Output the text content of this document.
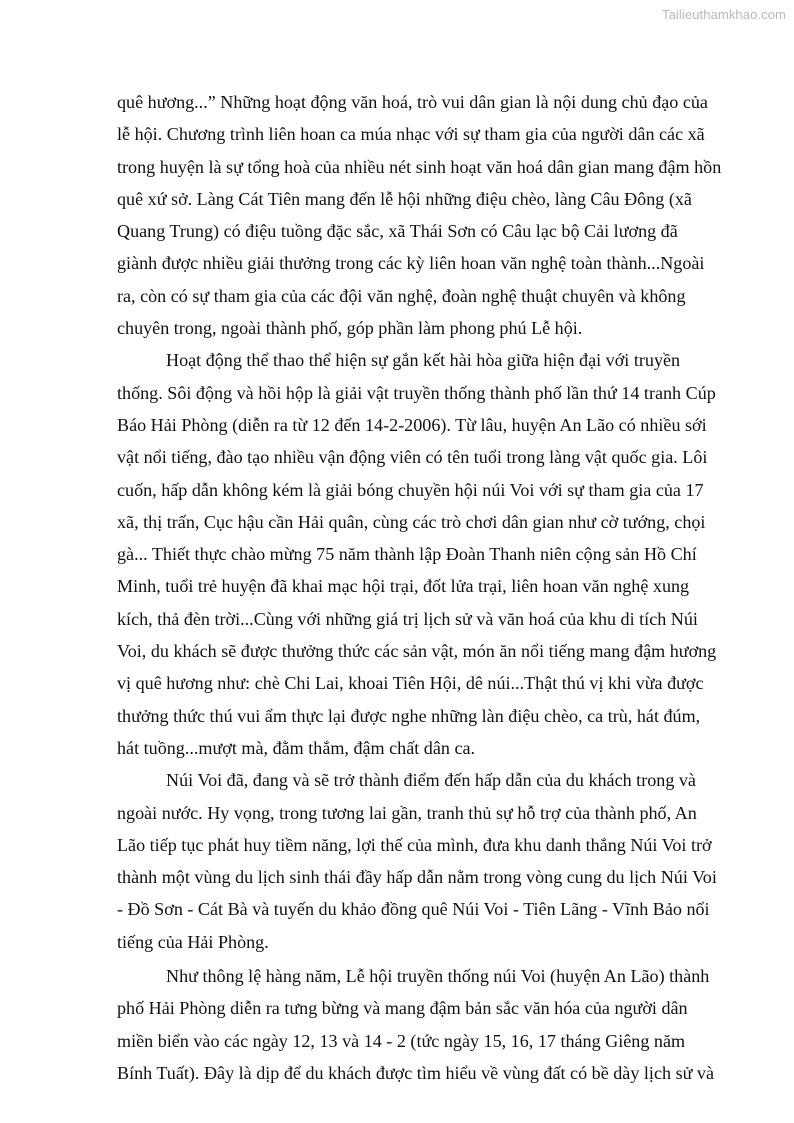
Tailieuthamkhao.com
quê hương...” Những hoạt động văn hoá, trò vui dân gian là nội dung chủ đạo của
lễ hội. Chương trình liên hoan ca múa nhạc với sự tham gia của người dân các xã
trong huyện là sự tổng hoà của nhiều nét sinh hoạt văn hoá dân gian mang đậm hồn
quê xứ sở. Làng Cát Tiên mang đến lễ hội những điệu chèo, làng Câu Đông (xã
Quang Trung) có điệu tuồng đặc sắc, xã Thái Sơn có Câu lạc bộ Cải lương đã
giành được nhiều giải thưởng trong các kỳ liên hoan văn nghệ toàn thành...Ngoài
ra, còn có sự tham gia của các đội văn nghệ, đoàn nghệ thuật chuyên và không
chuyên trong, ngoài thành phố, góp phần làm phong phú Lễ hội.
Hoạt động thể thao thể hiện sự gắn kết hài hòa giữa hiện đại với truyền
thống. Sôi động và hồi hộp là giải vật truyền thống thành phố lần thứ 14 tranh Cúp
Báo Hải Phòng (diễn ra từ 12 đến 14-2-2006). Từ lâu, huyện An Lão có nhiều sới
vật nổi tiếng, đào tạo nhiều vận động viên có tên tuổi trong làng vật quốc gia. Lôi
cuốn, hấp dẫn không kém là giải bóng chuyền hội núi Voi với sự tham gia của 17
xã, thị trấn, Cục hậu cần Hải quân, cùng các trò chơi dân gian như cờ tướng, chọi
gà... Thiết thực chào mừng 75 năm thành lập Đoàn Thanh niên cộng sản Hồ Chí
Minh, tuổi trẻ huyện đã khai mạc hội trại, đốt lửa trại, liên hoan văn nghệ xung
kích, thả đèn trời...Cùng với những giá trị lịch sử và văn hoá của khu di tích Núi
Voi, du khách sẽ được thưởng thức các sản vật, món ăn nổi tiếng mang đậm hương
vị quê hương như: chè Chi Lai, khoai Tiên Hội, dê núi...Thật thú vị khi vừa được
thưởng thức thú vui ẩm thực lại được nghe những làn điệu chèo, ca trù, hát đúm,
hát tuồng...mượt mà, đằm thắm, đậm chất dân ca.
Núi Voi đã, đang và sẽ trở thành điểm đến hấp dẫn của du khách trong và
ngoài nước. Hy vọng, trong tương lai gần, tranh thủ sự hỗ trợ của thành phố, An
Lão tiếp tục phát huy tiềm năng, lợi thế của mình, đưa khu danh thắng Núi Voi trở
thành một vùng du lịch sinh thái đầy hấp dẫn nằm trong vòng cung du lịch Núi Voi
- Đồ Sơn - Cát Bà và tuyến du khảo đồng quê Núi Voi - Tiên Lãng - Vĩnh Bảo nổi
tiếng của Hải Phòng.
Như thông lệ hàng năm, Lễ hội truyền thống núi Voi (huyện An Lão) thành
phố Hải Phòng diễn ra tưng bừng và mang đậm bản sắc văn hóa của người dân
miền biển vào các ngày 12, 13 và 14 - 2 (tức ngày 15, 16, 17 tháng Giêng năm
Bính Tuất). Đây là dịp để du khách được tìm hiểu về vùng đất có bề dày lịch sử và
